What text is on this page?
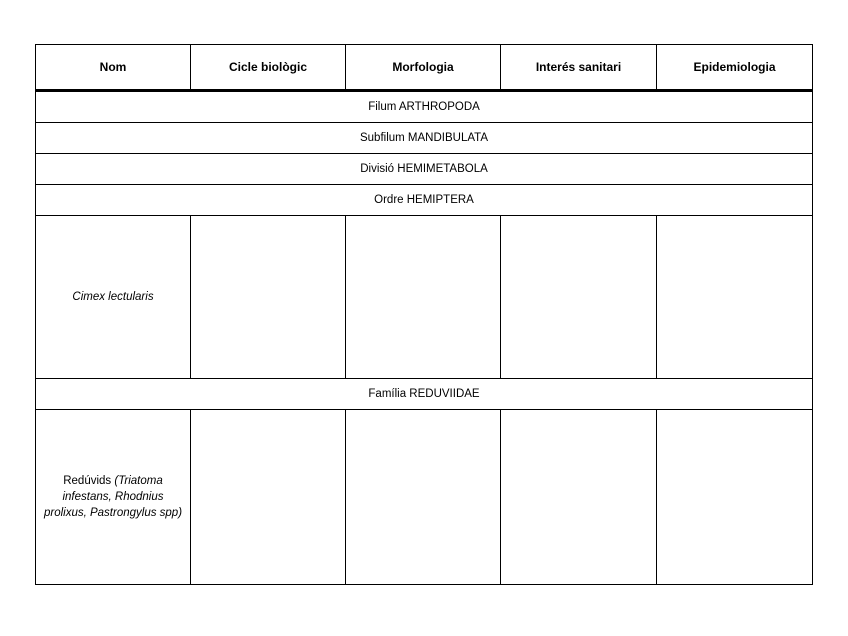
Nom	Cicle biològic	Morfologia	Interés sanitari	Epidemiologia
Filum ARTHROPODA				
Subfilum MANDIBULATA				
Divisió HEMIMETABOLA				
Ordre HEMIPTERA				
Cimex lectularis				
Família REDUVIIDAE				
Redúvids (Triatoma infestans, Rhodnius prolixus, Pastrongylus spp)				
